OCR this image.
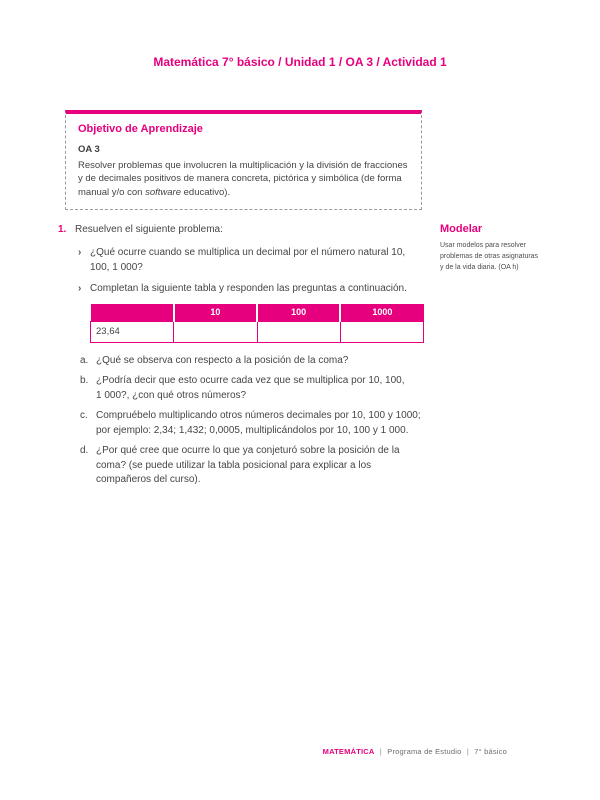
Matemática 7° básico / Unidad 1 / OA 3 / Actividad 1
Objetivo de Aprendizaje
OA 3

Resolver problemas que involucren la multiplicación y la división de fracciones y de decimales positivos de manera concreta, pictórica y simbólica (de forma manual y/o con software educativo).

1. Resuelven el siguiente problema:
› ¿Qué ocurre cuando se multiplica un decimal por el número natural 10, 100, 1 000?
› Completan la siguiente tabla y responden las preguntas a continuación.
	10	100	1000
23,64			
a. ¿Qué se observa con respecto a la posición de la coma?
b. ¿Podría decir que esto ocurre cada vez que se multiplica por 10, 100, 1 000?, ¿con qué otros números?
c. Compruébelo multiplicando otros números decimales por 10, 100 y 1000; por ejemplo: 2,34; 1,432; 0,0005, multiplicándolos por 10, 100 y 1 000.
d. ¿Por qué cree que ocurre lo que ya conjeturó sobre la posición de la coma? (se puede utilizar la tabla posicional para explicar a los compañeros del curso).
Modelar
Usar modelos para resolver problemas de otras asignaturas y de la vida diaria. (OA h)
MATEMÁTICA | Programa de Estudio | 7° básico
